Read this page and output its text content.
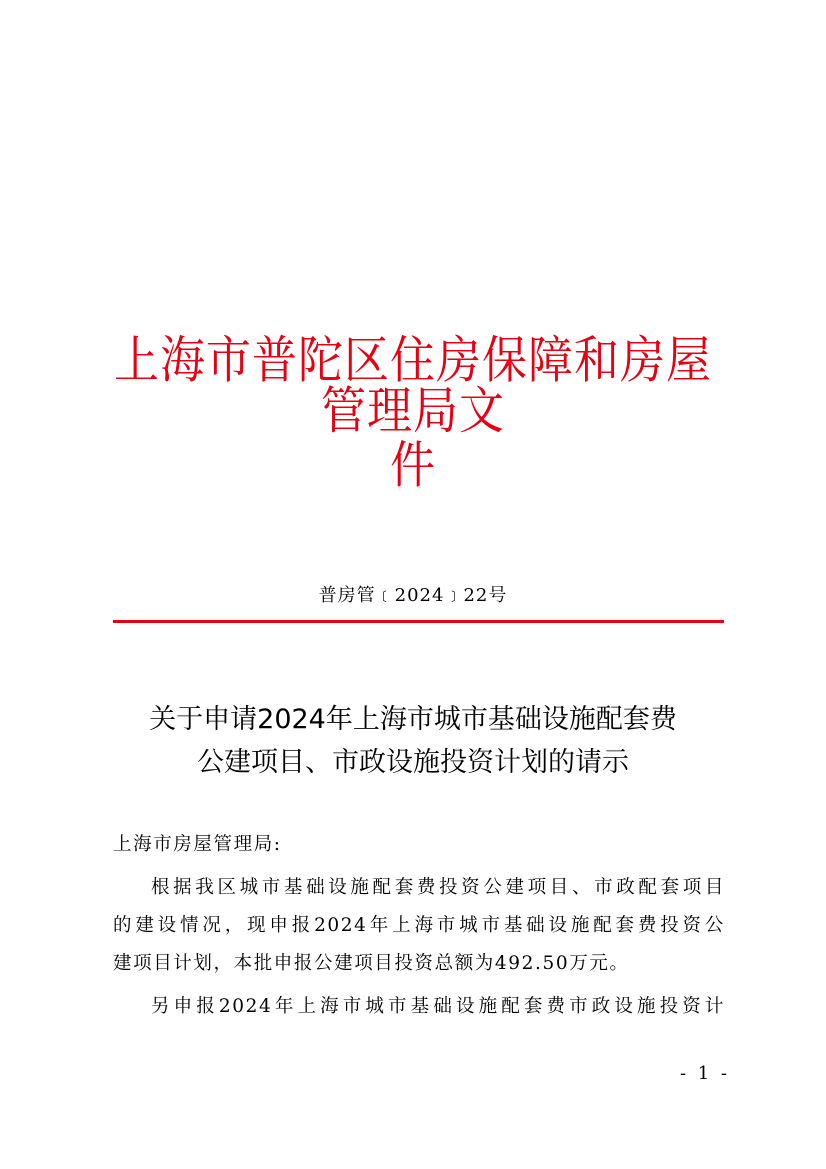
上海市普陀区住房保障和房屋管理局文
件
普房管﹝2024﹞22号
关于申请2024年上海市城市基础设施配套费
公建项目、市政设施投资计划的请示
上海市房屋管理局:
根据我区城市基础设施配套费投资公建项目、市政配套项目
的建设情况，现申报2024年上海市城市基础设施配套费投资公
建项目计划，本批申报公建项目投资总额为492.50万元。
另申报2024年上海市城市基础设施配套费市政设施投资计
- 1 -
